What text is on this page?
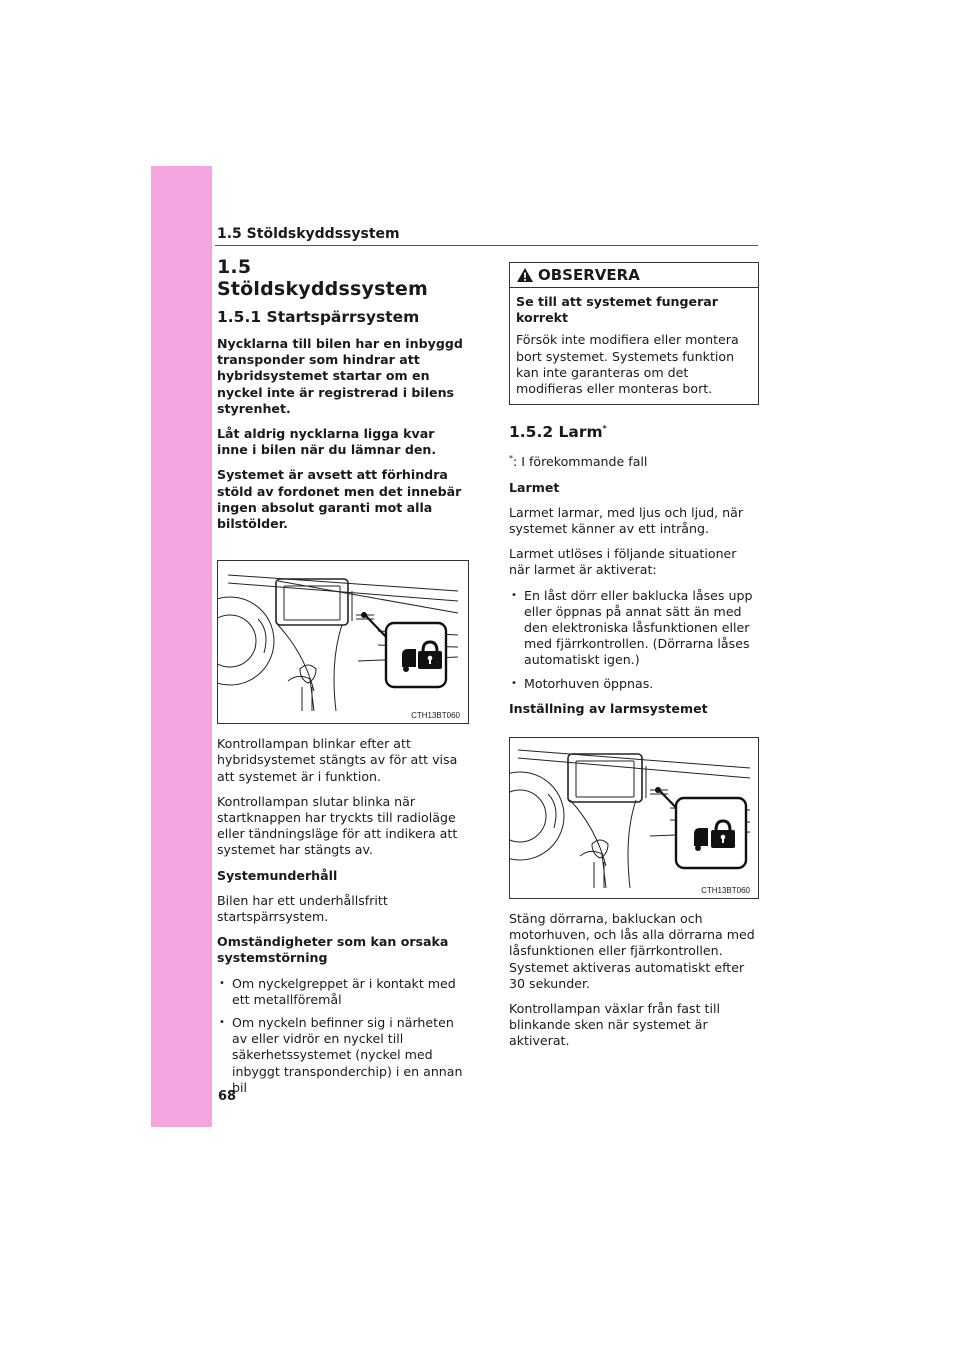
1.5 Stöldskyddssystem
1.5 Stöldskyddssystem
1.5.1 Startspärrsystem

Nycklarna till bilen har en inbyggd transponder som hindrar att hybridsystemet startar om en nyckel inte är registrerad i bilens styrenhet.

Låt aldrig nycklarna ligga kvar inne i bilen när du lämnar den.

Systemet är avsett att förhindra stöld av fordonet men det innebär ingen absolut garanti mot alla bilstölder.

CTH13BT060

Kontrollampan blinkar efter att hybridsystemet stängts av för att visa att systemet är i funktion.

Kontrollampan slutar blinka när startknappen har tryckts till radioläge eller tändningsläge för att indikera att systemet har stängts av.

Systemunderhåll

Bilen har ett underhållsfritt startspärrsystem.

Omständigheter som kan orsaka systemstörning

• Om nyckelgreppet är i kontakt med ett metallföremål
• Om nyckeln befinner sig i närheten av eller vidrör en nyckel till säkerhetssystemet (nyckel med inbyggt transponderchip) i en annan bil
OBSERVERA

Se till att systemet fungerar korrekt

Försök inte modifiera eller montera bort systemet. Systemets funktion kan inte garanteras om det modifieras eller monteras bort.

1.5.2 Larm*

*: I förekommande fall

Larmet

Larmet larmar, med ljus och ljud, när systemet känner av ett intrång.

Larmet utlöses i följande situationer när larmet är aktiverat:

• En låst dörr eller baklucka låses upp eller öppnas på annat sätt än med den elektroniska låsfunktionen eller med fjärrkontrollen. (Dörrarna låses automatiskt igen.)
• Motorhuven öppnas.

Inställning av larmsystemet

CTH13BT060

Stäng dörrarna, bakluckan och motorhuven, och lås alla dörrarna med låsfunktionen eller fjärrkontrollen. Systemet aktiveras automatiskt efter 30 sekunder.

Kontrollampan växlar från fast till blinkande sken när systemet är aktiverat.

68
